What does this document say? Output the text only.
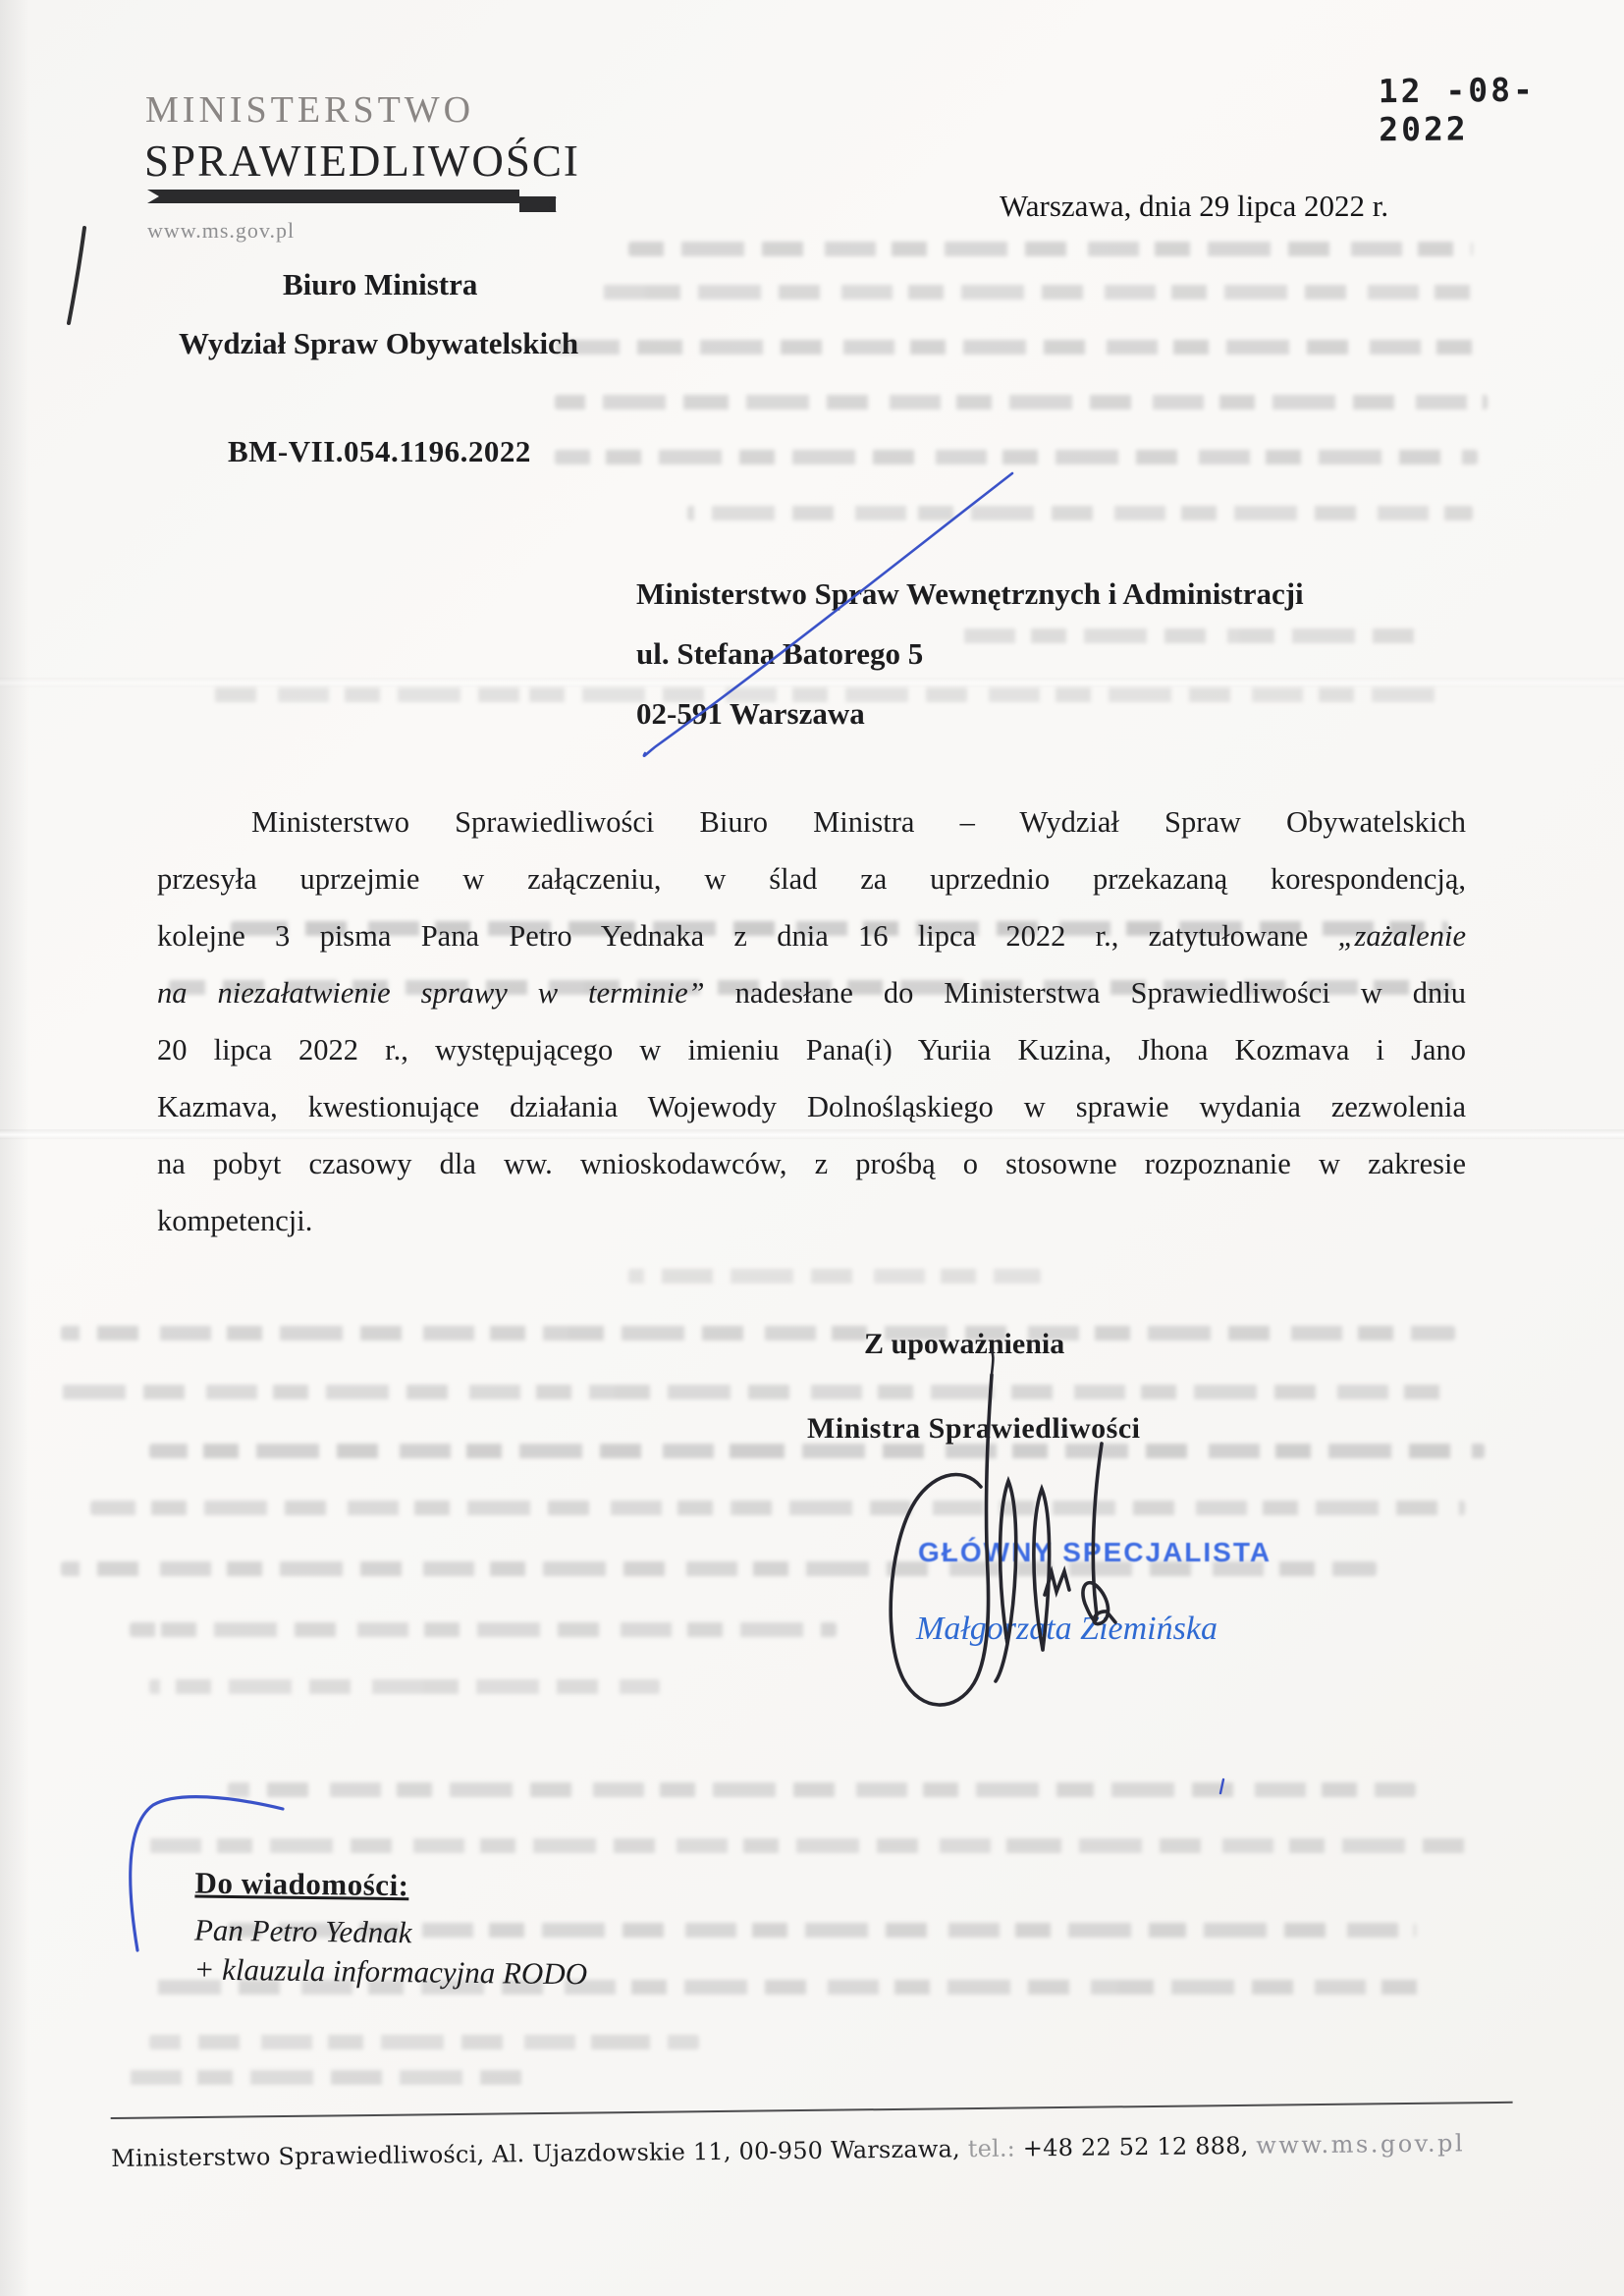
12 -08- 2022
MINISTERSTWO
SPRAWIEDLIWOŚCI
www.ms.gov.pl
Warszawa, dnia 29 lipca 2022 r.
Biuro Ministra
Wydział Spraw Obywatelskich
BM-VII.054.1196.2022
Ministerstwo Spraw Wewnętrznych i Administracji
ul. Stefana Batorego 5
02-591 Warszawa
Ministerstwo Sprawiedliwości Biuro Ministra – Wydział Spraw Obywatelskich
przesyła uprzejmie w załączeniu, w ślad za uprzednio przekazaną korespondencją,
kolejne 3 pisma Pana Petro Yednaka z dnia 16 lipca 2022 r., zatytułowane „zażalenie
na niezałatwienie sprawy w terminie” nadesłane do Ministerstwa Sprawiedliwości w dniu
20 lipca 2022 r., występującego w imieniu Pana(i) Yuriia Kuzina, Jhona Kozmava i Jano
Kazmava, kwestionujące działania Wojewody Dolnośląskiego w sprawie wydania zezwolenia
na pobyt czasowy dla ww. wnioskodawców, z prośbą o stosowne rozpoznanie w zakresie
kompetencji.
Z upoważnienia
Ministra Sprawiedliwości
GŁÓWNY SPECJALISTA
Małgorzata Ziemińska
Do wiadomości:
Pan Petro Yednak
+ klauzula informacyjna RODO
Ministerstwo Sprawiedliwości, Al. Ujazdowskie 11, 00-950 Warszawa, tel.: +48 22 52 12 888, www.ms.gov.pl
